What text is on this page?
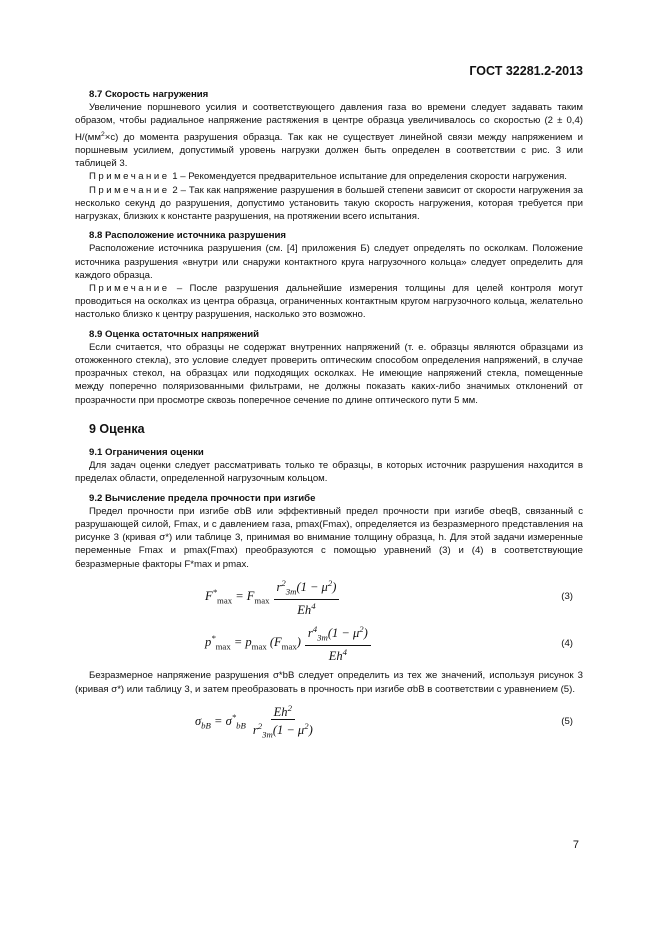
ГОСТ 32281.2-2013
8.7 Скорость нагружения

Увеличение поршневого усилия и соответствующего давления газа во времени следует задавать таким образом, чтобы радиальное напряжение растяжения в центре образца увеличивалось со скоростью (2 ± 0,4) $Н/(мм^2\times с)$ до момента разрушения образца. Так как не существует линейной связи между напряжением и поршневым усилием, допустимый уровень нагрузки должен быть определен в соответствии с рис. 3 или таблицей 3.

Примечание 1 – Рекомендуется предварительное испытание для определения скорости нагружения.

Примечание 2 – Так как напряжение разрушения в большей степени зависит от скорости нагружения за несколько секунд до разрушения, допустимо установить такую скорость нагружения, которая требуется при нагрузках, близких к константе разрушения, на протяжении всего испытания.

8.8 Расположение источника разрушения

Расположение источника разрушения (см. [4] приложения Б) следует определять по осколкам. Положение источника разрушения «внутри или снаружи контактного круга нагрузочного кольца» следует определить для каждого образца.

Примечание – После разрушения дальнейшие измерения толщины для целей контроля могут проводиться на осколках из центра образца, ограниченных контактным кругом нагрузочного кольца, желательно настолько близко к центру разрушения, насколько это возможно.

8.9 Оценка остаточных напряжений

Если считается, что образцы не содержат внутренних напряжений (т. е. образцы являются образцами из отожженного стекла), это условие следует проверить оптическим способом определения напряжений, в случае прозрачных стекол, на образцах или подходящих осколках. Не имеющие напряжений стекла, помещенные между поперечно поляризованными фильтрами, не должны показать каких-либо значимых отклонений от прозрачности при просмотре сквозь поперечное сечение по длине оптического пути 5 мм.

9 Оценка
9.1 Ограничения оценки

Для задач оценки следует рассматривать только те образцы, в которых источник разрушения находится в пределах области, определенной нагрузочным кольцом.

9.2 Вычисление предела прочности при изгибе

Предел прочности при изгибе σbB или эффективный предел прочности при изгибе σbeqB, связанный с разрушающей силой, Fmax, и с давлением газа, pmax(Fmax), определяется из безразмерного представления на рисунке 3 (кривая σ*) или таблице 3, принимая во внимание толщину образца, h. Для этой задачи измеренные переменные Fmax и pmax(Fmax) преобразуются с помощью уравнений (3) и (4) в соответствующие безразмерные факторы F*max и pmax.

$F^*_{max} = F_{max} \frac{r^2_{3m}(1 - \mu^2)}{Eh^4}$	(3)
$p^*_{max} = p_{max}$ $(F_{max}) \frac{r^4_{3m}(1 - \mu^2)}{Eh^4}$	(4)

Безразмерное напряжение разрушения σ*bB следует определить из тех же значений, используя рисунок 3 (кривая σ*) или таблицу 3, и затем преобразовать в прочность при изгибе σbB в соответствии с уравнением (5).

$\sigma_{bB} = \sigma^*_{bB} \frac{Eh^2}{r^2_{3m}(1 - \mu^2)}$	(5)
7
